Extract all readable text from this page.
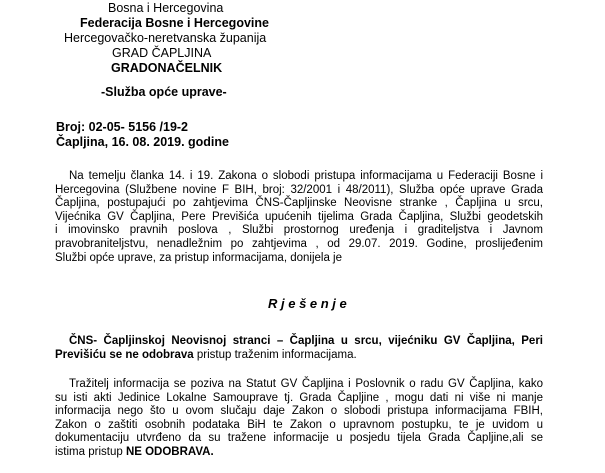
Bosna i Hercegovina

Federacija Bosne i Hercegovine

Hercegovačko-neretvanska županija

GRAD ČAPLJINA

GRADONAČELNIK

-Služba opće uprave-

Broj: 02-05- 5156 /19-2

Čapljina, 16. 08. 2019. godine

Na temelju članka 14. i 19. Zakona o slobodi pristupa informacijama u Federaciji Bosne i
Hercegovina (Službene novine F BIH, broj: 32/2001 i 48/2011), Služba opće uprave Grada
Čapljina, postupajući po zahtjevima ČNS-Čapljinske Neovisne stranke , Čapljina u srcu,
Vijećnika GV Čapljina, Pere Previšića upućenih tijelima Grada Čapljina, Službi geodetskih
i imovinsko pravnih poslova , Službi prostornog uređenja i graditeljstva i Javnom
pravobraniteljstvu, nenadležnim po zahtjevima , od 29.07. 2019. Godine, proslijeđenim
Službi opće uprave, za pristup informacijama, donijela je

R j e š e n j e

ČNS- Čapljinskoj Neovisnoj stranci – Čapljina u srcu, vijećniku GV Čapljina, Peri
Previšiću se ne odobrava pristup traženim informacijama.
Tražitelj informacija se poziva na Statut GV Čapljina i Poslovnik o radu GV Čapljina, kako
su isti akti Jedinice Lokalne Samouprave tj. Grada Čapljine , mogu dati ni više ni manje
informacija nego što u ovom slučaju daje Zakon o slobodi pristupa informacijama FBIH,
Zakon o zaštiti osobnih podataka BiH te Zakon o upravnom postupku, te je uvidom u
dokumentaciju utvrđeno da su tražene informacije u posjedu tijela Grada Čapljine,ali se
istima pristup NE ODOBRAVA.
